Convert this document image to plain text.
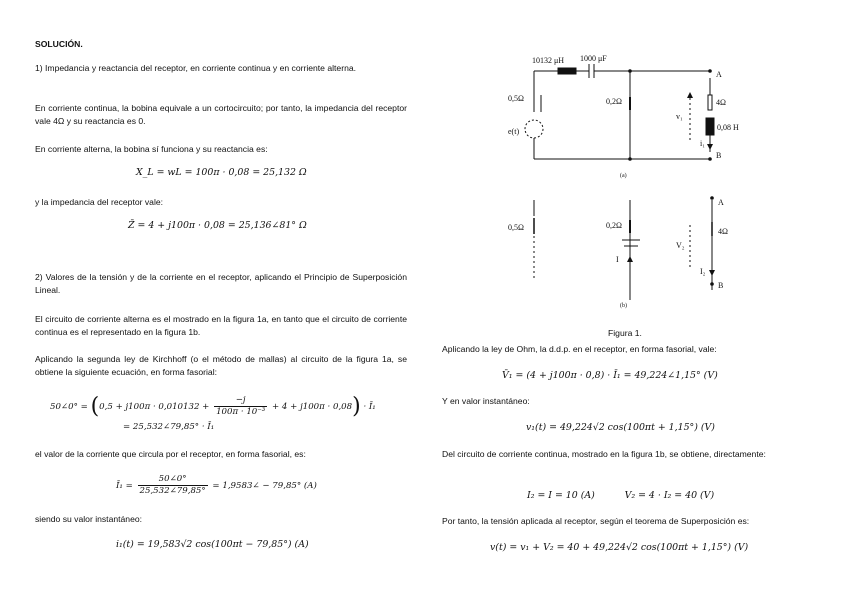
SOLUCIÓN.
1) Impedancia y reactancia del receptor, en corriente continua y en corriente alterna.
En corriente continua, la bobina equivale a un cortocircuito; por tanto, la impedancia del receptor vale 4Ω y su reactancia es 0.
En corriente alterna, la bobina sí funciona y su reactancia es:
X_L = wL = 100π · 0,08 = 25,132 Ω
y la impedancia del receptor vale:
Z̄ = 4 + j100π · 0,08 = 25,136∠81° Ω
2) Valores de la tensión y de la corriente en el receptor, aplicando el Principio de Superposición Lineal.
El circuito de corriente alterna es el mostrado en la figura 1a, en tanto que el circuito de corriente continua es el representado en la figura 1b.
Aplicando la segunda ley de Kirchhoff (o el método de mallas) al circuito de la figura 1a, se obtiene la siguiente ecuación, en forma fasorial:
50∠0° = $(0,5 + j100\pi \cdot 0,010132 + \frac{-j}{\text{100π · 10⁻³}} + 4 + j100\pi \cdot 0,08)$ · Ī₁
= 25,532∠79,85° · Ī₁
el valor de la corriente que circula por el receptor, en forma fasorial, es:
Ī₁ = $\frac{50\angle 0^\circ}{25,532\angle 79,85^\circ}$ = 1,9583∠ − 79,85° (A)
siendo su valor instantáneo:
i₁(t) = 19,583√2 cos(100πt − 79,85°) (A)
10132 μH 1000 μF
0,5Ω
e(t)
0,2Ω
v₁
4Ω
0,08 H
i₁
A
B
(a)
0,5Ω	0,2Ω
I
V₂
4Ω
I₂
A
B
(b)
Figura 1.
Aplicando la ley de Ohm, la d.d.p. en el receptor, en forma fasorial, vale:
V̄₁ = (4 + j100π · 0,8) · Ī₁ = 49,224∠1,15° (V)
Y en valor instantáneo:
v₁(t) = 49,224√2 cos(100πt + 1,15°) (V)
Del circuito de corriente continua, mostrado en la figura 1b, se obtiene, directamente:
I₂ = I = 10 (A)          V₂ = 4 · I₂ = 40 (V)
Por tanto, la tensión aplicada al receptor, según el teorema de Superposición es:
v(t) = v₁ + V₂ = 40 + 49,224√2 cos(100πt + 1,15°) (V)
